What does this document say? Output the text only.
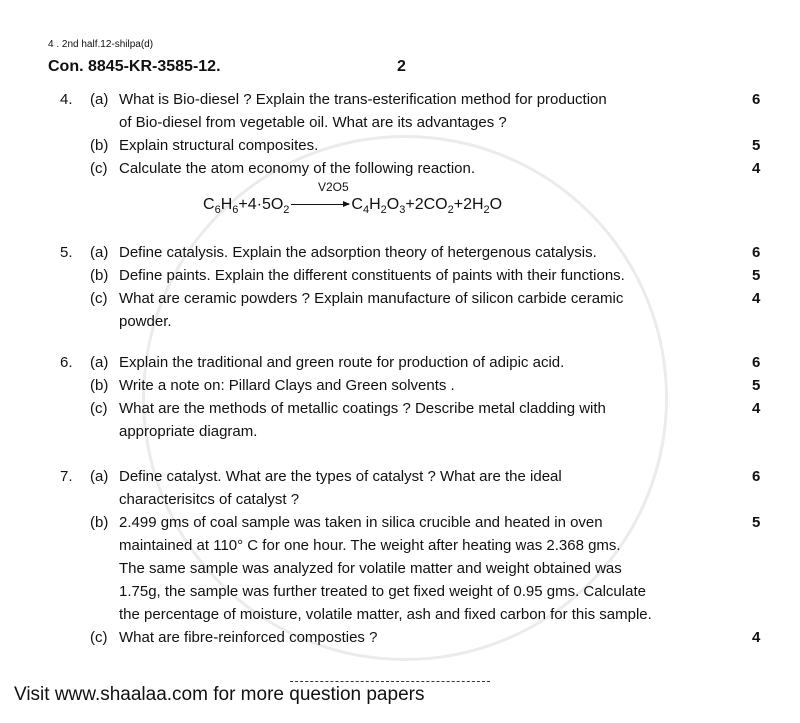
4 . 2nd half.12-shilpa(d)
Con. 8845-KR-3585-12.	2
4. (a)	6
What is Bio-diesel ? Explain the trans-esterification method for production
of Bio-diesel from vegetable oil. What are its advantages ?
(b)	5
Explain structural composites.
(c)	4
Calculate the atom economy of the following reaction.
5. (a)	6
Define catalysis. Explain the adsorption theory of hetergenous catalysis.
(b)	5
Define paints. Explain the different constituents of paints with their functions.
(c)	4
What are ceramic powders ? Explain manufacture of silicon carbide ceramic
powder.
6. (a)	6
Explain the traditional and green route for production of adipic acid.
(b)	5
Write a note on: Pillard Clays and Green solvents .
(c)	4
What are the methods of metallic coatings ? Describe metal cladding with
appropriate diagram.
7. (a)	6
Define catalyst. What are the types of catalyst ? What are the ideal
characterisitcs of catalyst ?
(b)	5
2.499 gms of coal sample was taken in silica crucible and heated in oven
maintained at 110° C for one hour. The weight after heating was 2.368 gms.
The same sample was analyzed for volatile matter and weight obtained was
1.75g, the sample was further treated to get fixed weight of 0.95 gms. Calculate
the percentage of moisture, volatile matter, ash and fixed carbon for this sample.
(c)	4
What are fibre-reinforced composties ?
V2O5
$C_6H_6+4\cdot 5O_2 \to C_4H_2O_3+2CO_2+2H_2O$
Visit www.shaalaa.com for more question papers
